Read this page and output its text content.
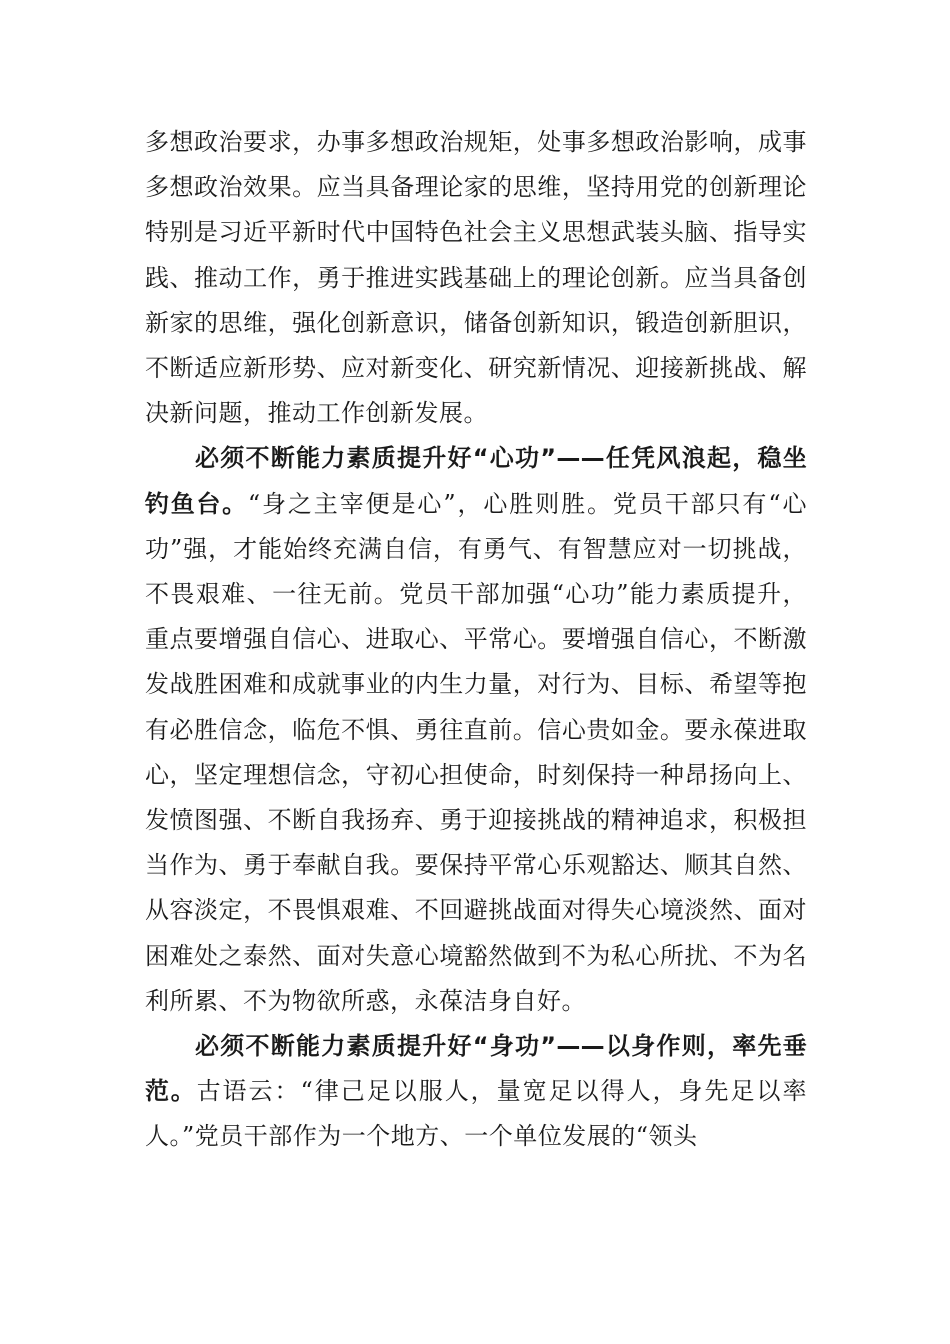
多想政治要求，办事多想政治规矩，处事多想政治影响，成事多想政治效果。应当具备理论家的思维，坚持用党的创新理论特别是习近平新时代中国特色社会主义思想武装头脑、指导实践、推动工作，勇于推进实践基础上的理论创新。应当具备创新家的思维，强化创新意识，储备创新知识，锻造创新胆识，不断适应新形势、应对新变化、研究新情况、迎接新挑战、解决新问题，推动工作创新发展。

必须不断能力素质提升好“心功”——任凭风浪起，稳坐钓鱼台。“身之主宰便是心”，心胜则胜。党员干部只有“心功”强，才能始终充满自信，有勇气、有智慧应对一切挑战，不畏艰难、一往无前。党员干部加强“心功”能力素质提升，重点要增强自信心、进取心、平常心。要增强自信心，不断激发战胜困难和成就事业的内生力量，对行为、目标、希望等抱有必胜信念，临危不惧、勇往直前。信心贵如金。要永葆进取心，坚定理想信念，守初心担使命，时刻保持一种昂扬向上、发愤图强、不断自我扬弃、勇于迎接挑战的精神追求，积极担当作为、勇于奉献自我。要保持平常心乐观豁达、顺其自然、从容淡定，不畏惧艰难、不回避挑战面对得失心境淡然、面对困难处之泰然、面对失意心境豁然做到不为私心所扰、不为名利所累、不为物欲所惑，永葆洁身自好。

必须不断能力素质提升好“身功”——以身作则，率先垂范。古语云：“律己足以服人，量宽足以得人，身先足以率人。”党员干部作为一个地方、一个单位发展的“领头
